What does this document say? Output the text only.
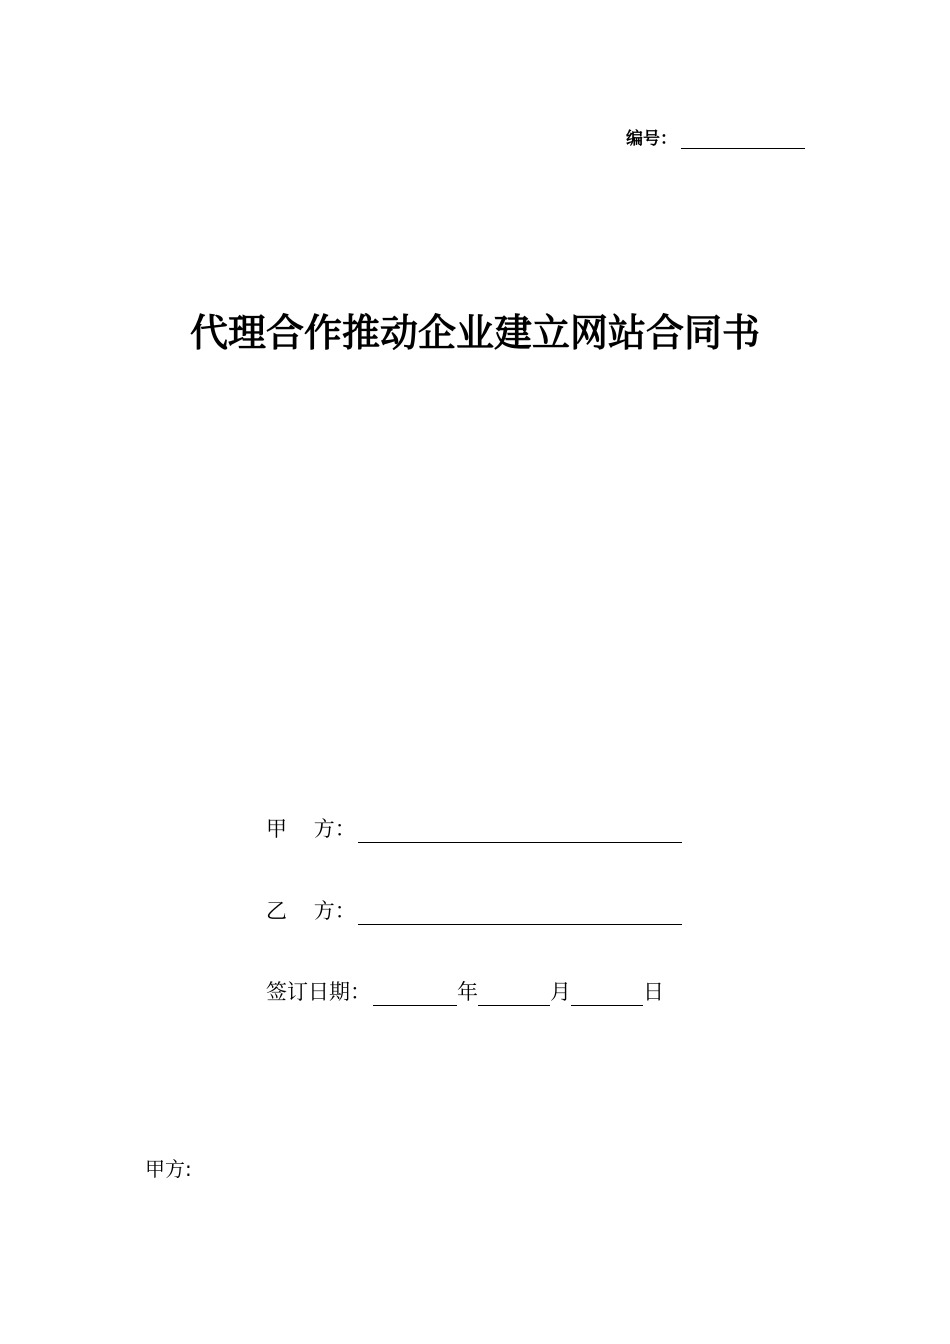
编号：
代理合作推动企业建立网站合同书
甲    方：
乙    方：
签订日期：	年	月	日
甲方:
